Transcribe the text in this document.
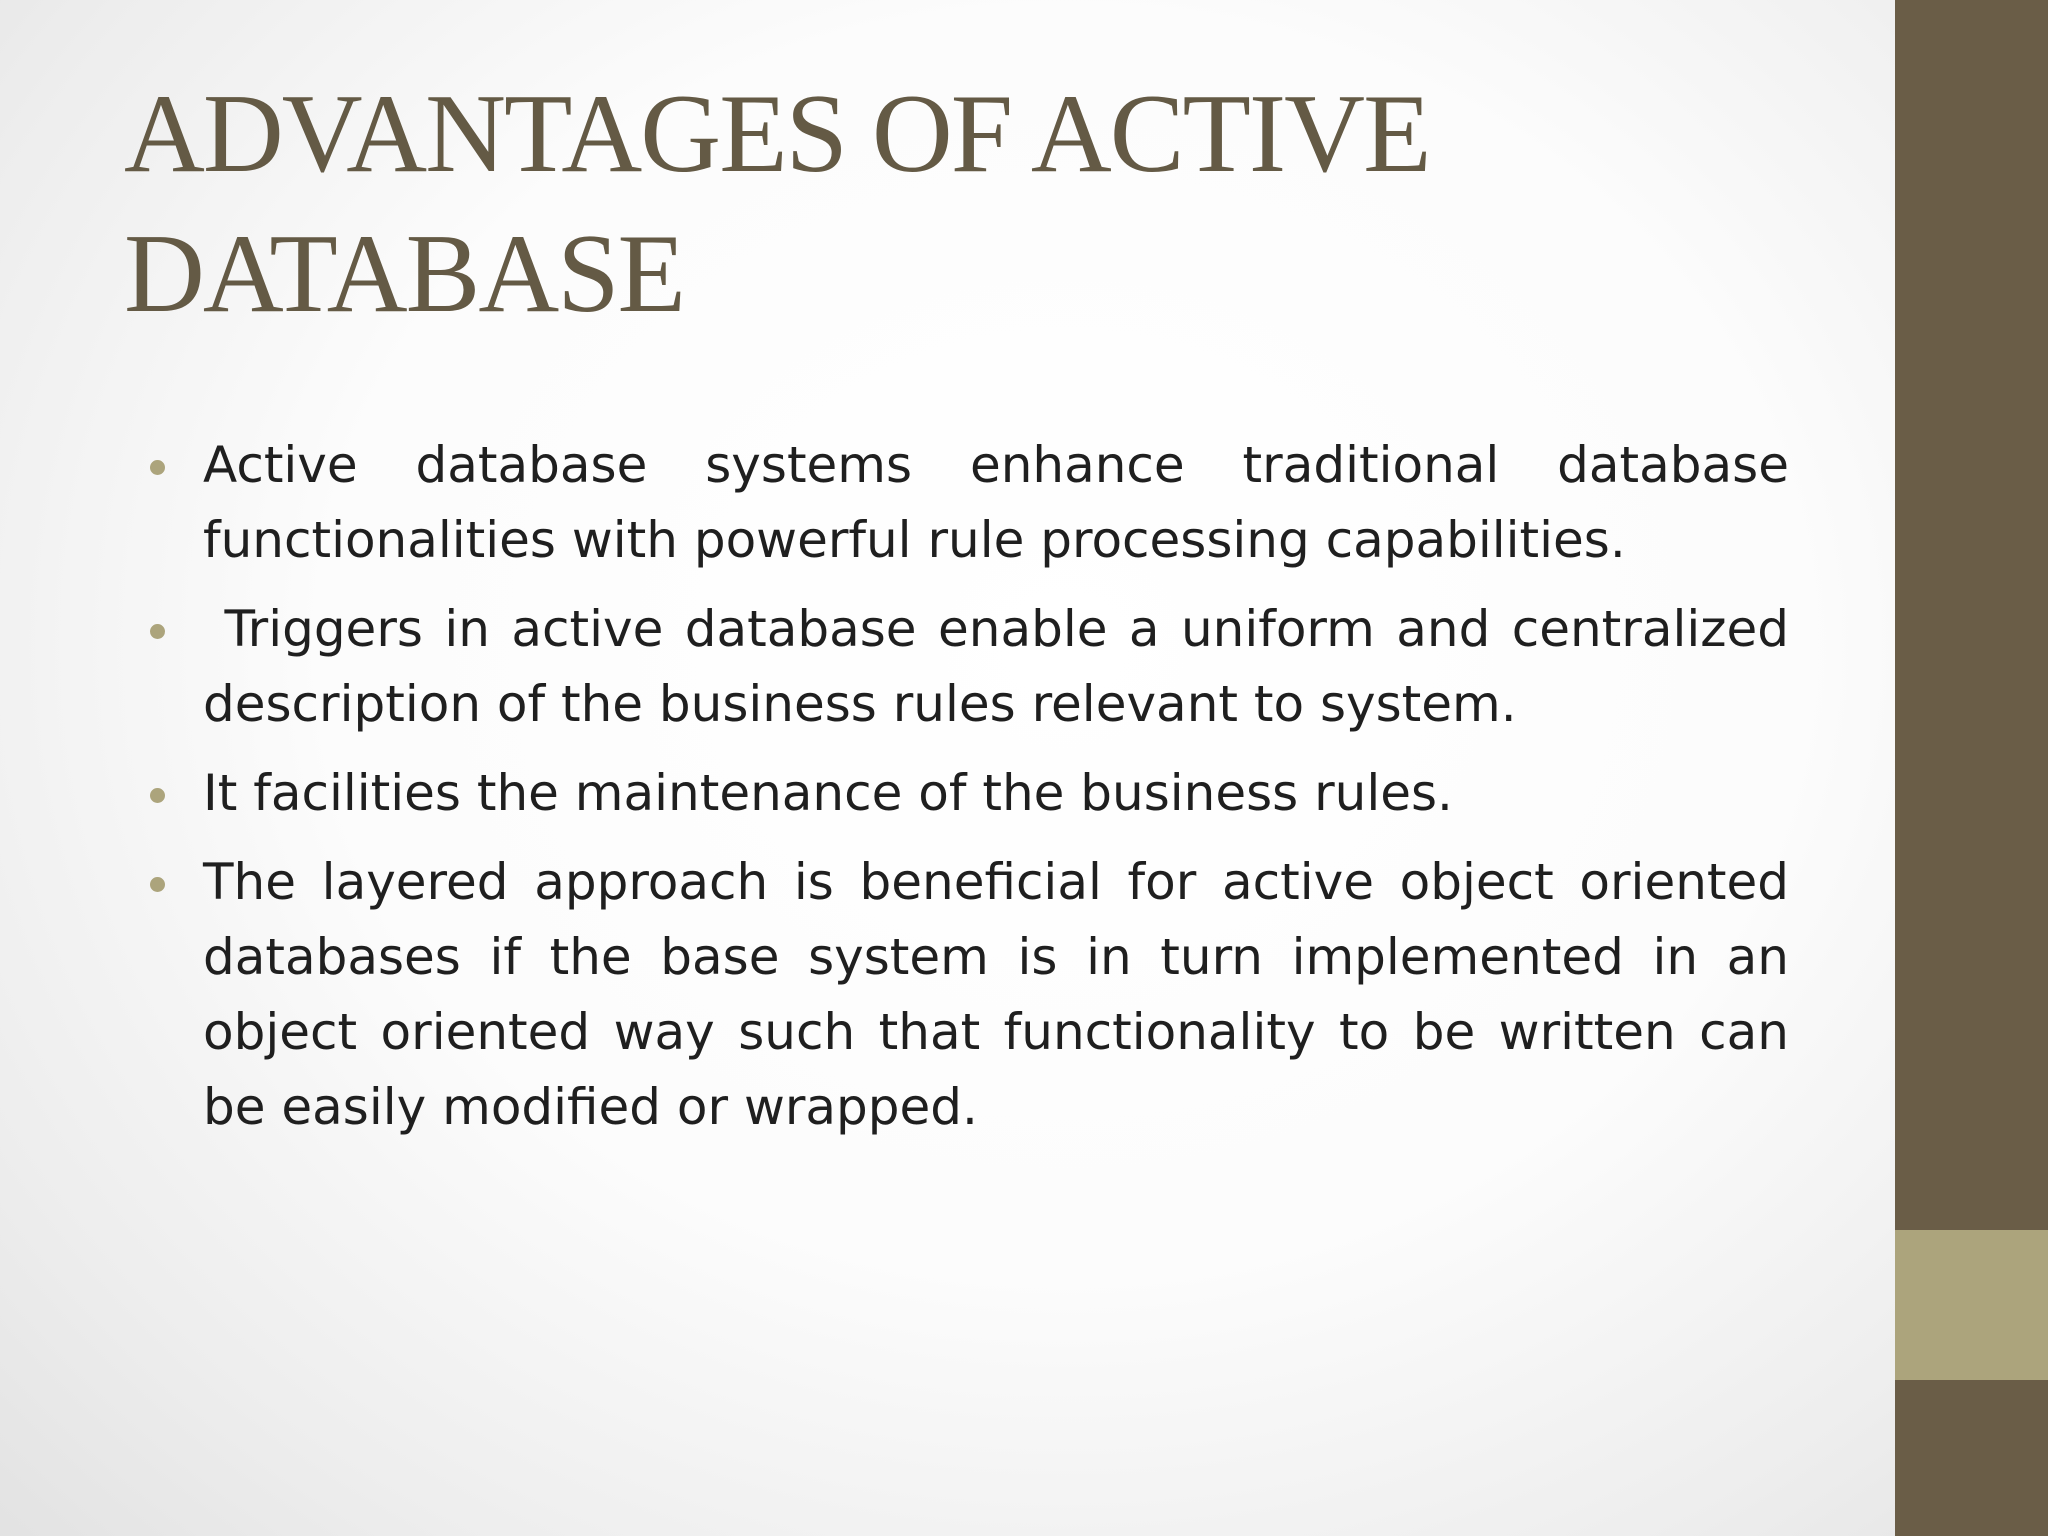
ADVANTAGES OF ACTIVE DATABASE
Active database systems enhance traditional database functionalities with powerful rule processing capabilities.
Triggers in active database enable a uniform and centralized description of the business rules relevant to system.
It facilities the maintenance of the business rules.
The layered approach is beneficial for active object oriented databases if the base system is in turn implemented in an object oriented way such that functionality to be written can be easily modified or wrapped.
